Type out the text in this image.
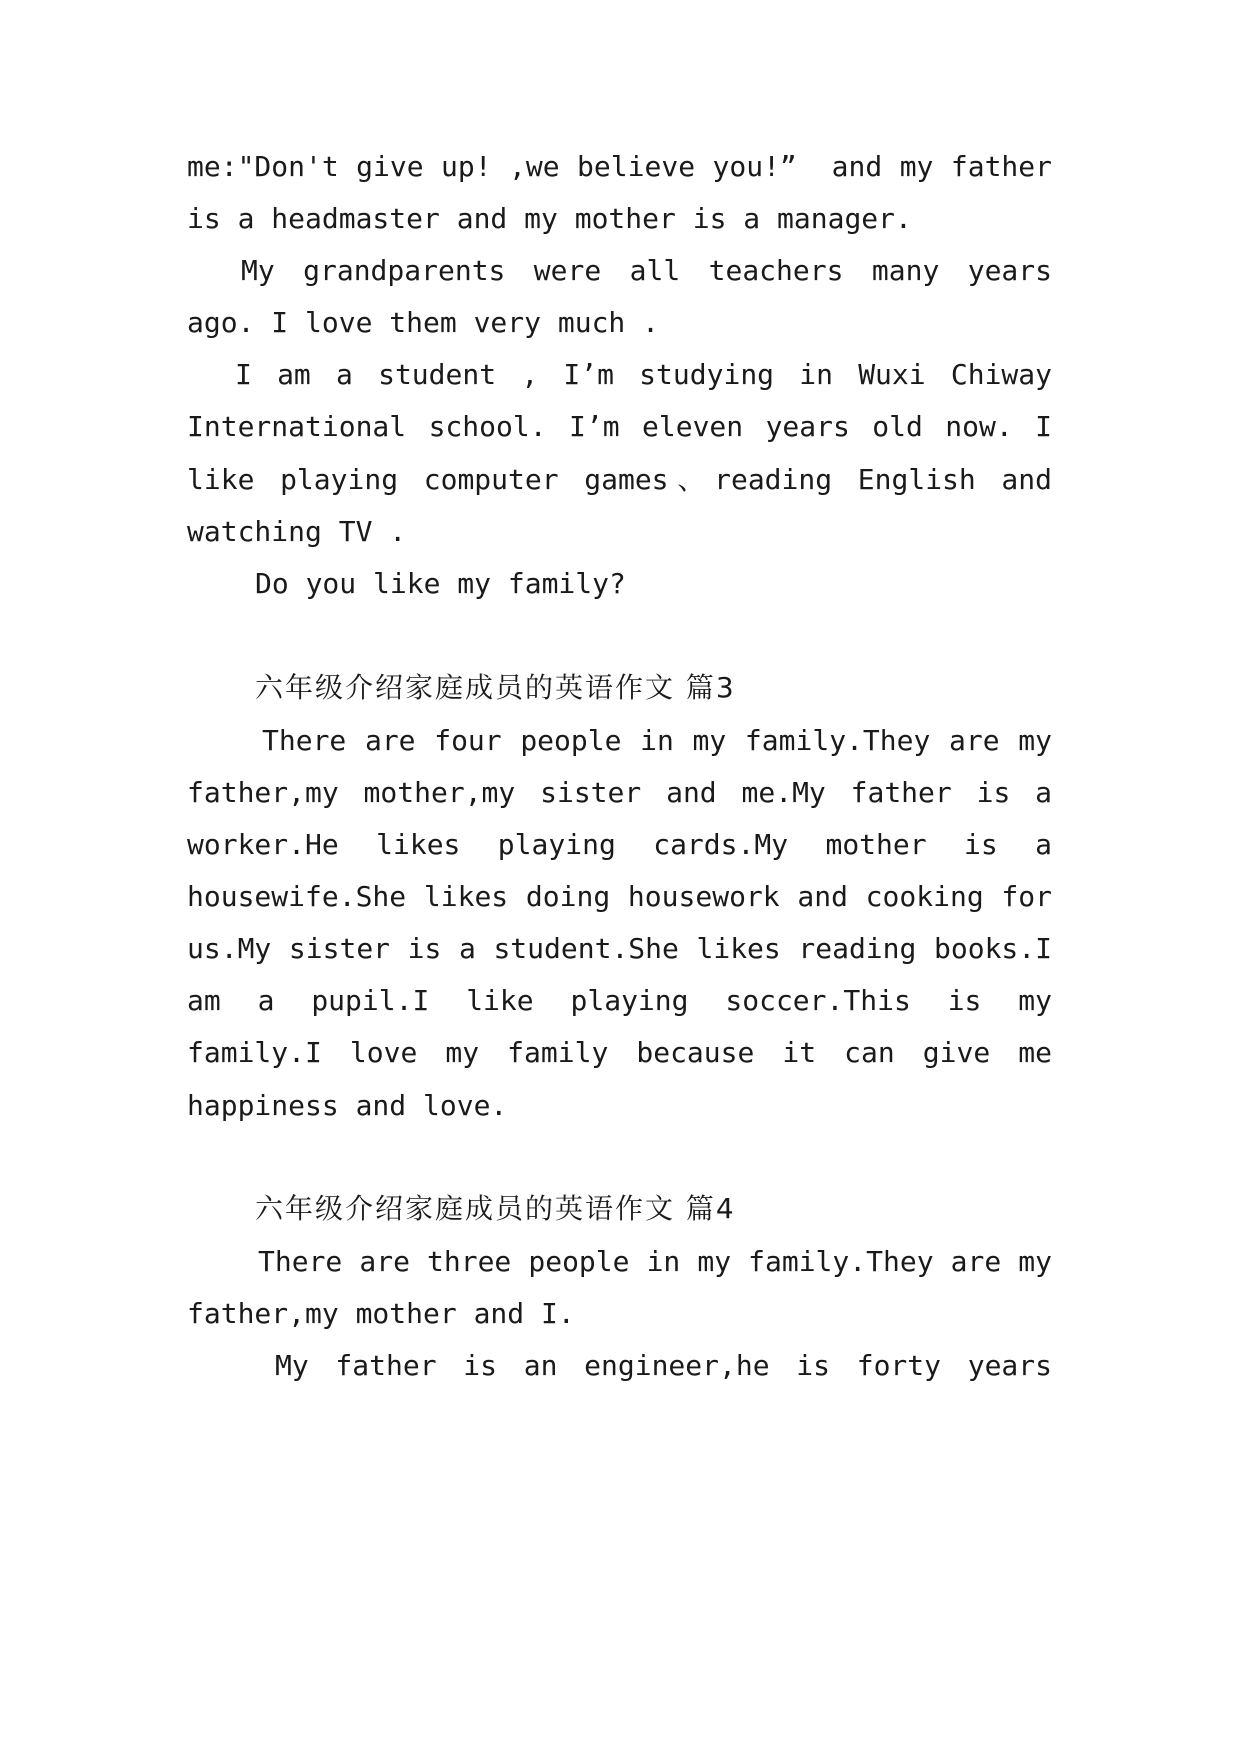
me:"Don't give up! ,we believe you!”  and my father
is a headmaster and my mother is a manager.
My grandparents were all teachers many years
ago. I love them very much .
I am a student , I’m studying in Wuxi Chiway
International school. I’m eleven years old now. I
like playing computer games、reading English and
watching TV .
Do you like my family?
六年级介绍家庭成员的英语作文 篇3
There are four people in my family.They are my
father,my mother,my sister and me.My father is a
worker.He likes playing cards.My mother is a
housewife.She likes doing housework and cooking for
us.My sister is a student.She likes reading books.I
am a pupil.I like playing soccer.This is my
family.I love my family because it can give me
happiness and love.
六年级介绍家庭成员的英语作文 篇4
There are three people in my family.They are my
father,my mother and I.
My father is an engineer,he is forty years
